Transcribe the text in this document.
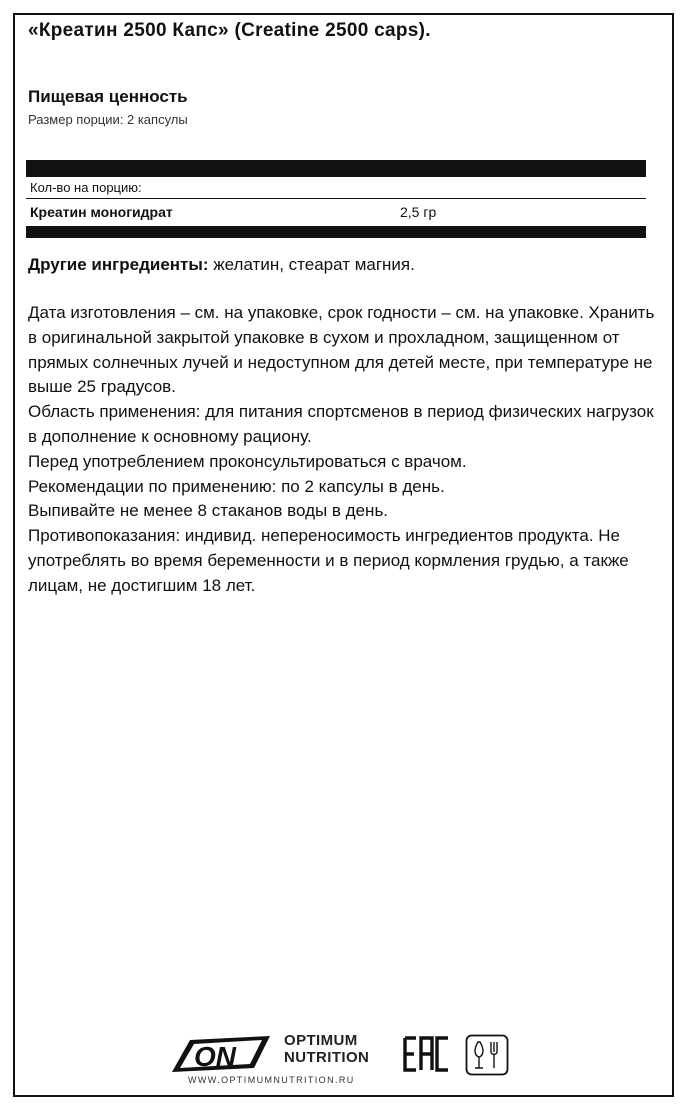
«Креатин 2500 Капс» (Creatine 2500 caps).
Пищевая ценность
Размер порции: 2 капсулы
Кол-во на порцию:
Креатин моногидрат	2,5 гр
Другие ингредиенты: желатин, стеарат магния.

Дата изготовления – см. на упаковке, срок годности – см. на упаковке. Хранить в оригинальной закрытой упаковке в сухом и прохладном, защищенном от прямых солнечных лучей и недоступном для детей месте, при температуре не выше 25 градусов.

Область применения: для питания спортсменов в период физических нагрузок в дополнение к основному рациону.

Перед употреблением проконсультироваться с врачом.

Рекомендации по применению: по 2 капсулы в день.

Выпивайте не менее 8 стаканов воды в день.

Противопоказания: индивид. непереносимость ингредиентов продукта. Не употреблять во время беременности и в период кормления грудью, а также лицам, не достигшим 18 лет.

ON
OPTIMUM
NUTRITION
WWW.OPTIMUMNUTRITION.RU
